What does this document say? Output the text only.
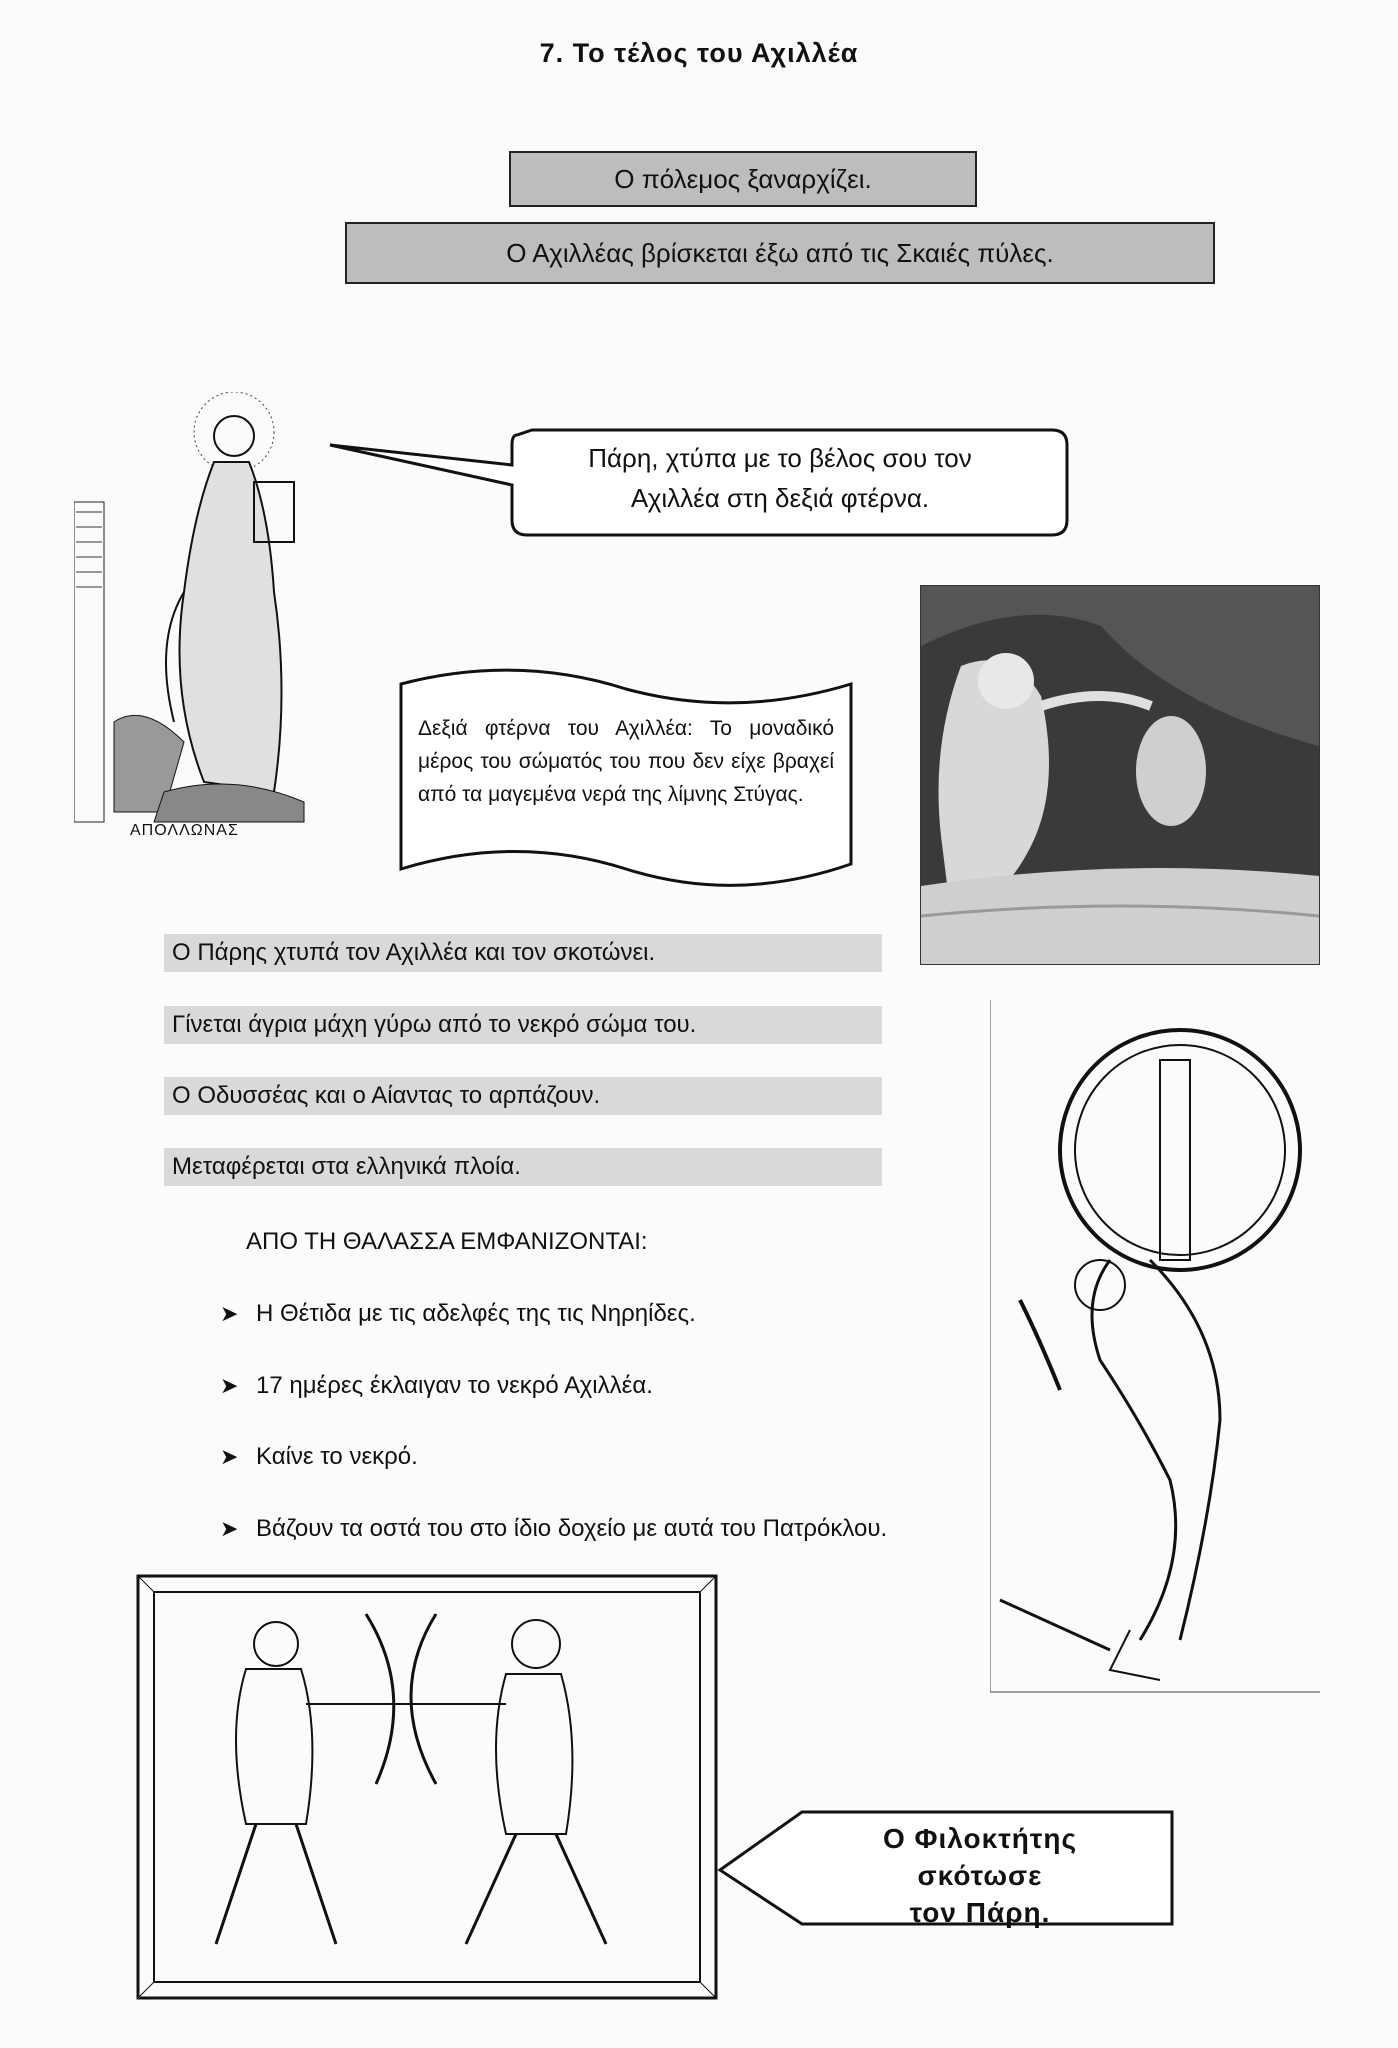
7. Το τέλος του Αχιλλέα
Ο πόλεμος ξαναρχίζει.
Ο Αχιλλέας βρίσκεται έξω από τις Σκαιές πύλες.
ΑΠΟΛΛΩΝΑΣ
Πάρη, χτύπα με το βέλος σου τον
Αχιλλέα στη δεξιά φτέρνα.
Δεξιά φτέρνα του Αχιλλέα: Το μοναδικό μέρος του σώματός του που δεν είχε βραχεί από τα μαγεμένα νερά της λίμνης Στύγας.
Ο Πάρης χτυπά τον Αχιλλέα και τον σκοτώνει.
Γίνεται άγρια μάχη γύρω από το νεκρό σώμα του.
Ο Οδυσσέας και ο Αίαντας το αρπάζουν.
Μεταφέρεται στα ελληνικά πλοία.
ΑΠΟ ΤΗ ΘΑΛΑΣΣΑ ΕΜΦΑΝΙΖΟΝΤΑΙ:
➤ Η Θέτιδα με τις αδελφές της τις Νηρηίδες.
➤ 17 ημέρες έκλαιγαν το νεκρό Αχιλλέα.
➤ Καίνε το νεκρό.
➤ Βάζουν τα οστά του στο ίδιο δοχείο με αυτά του Πατρόκλου.
Ο Φιλοκτήτης
σκότωσε
τον Πάρη.
